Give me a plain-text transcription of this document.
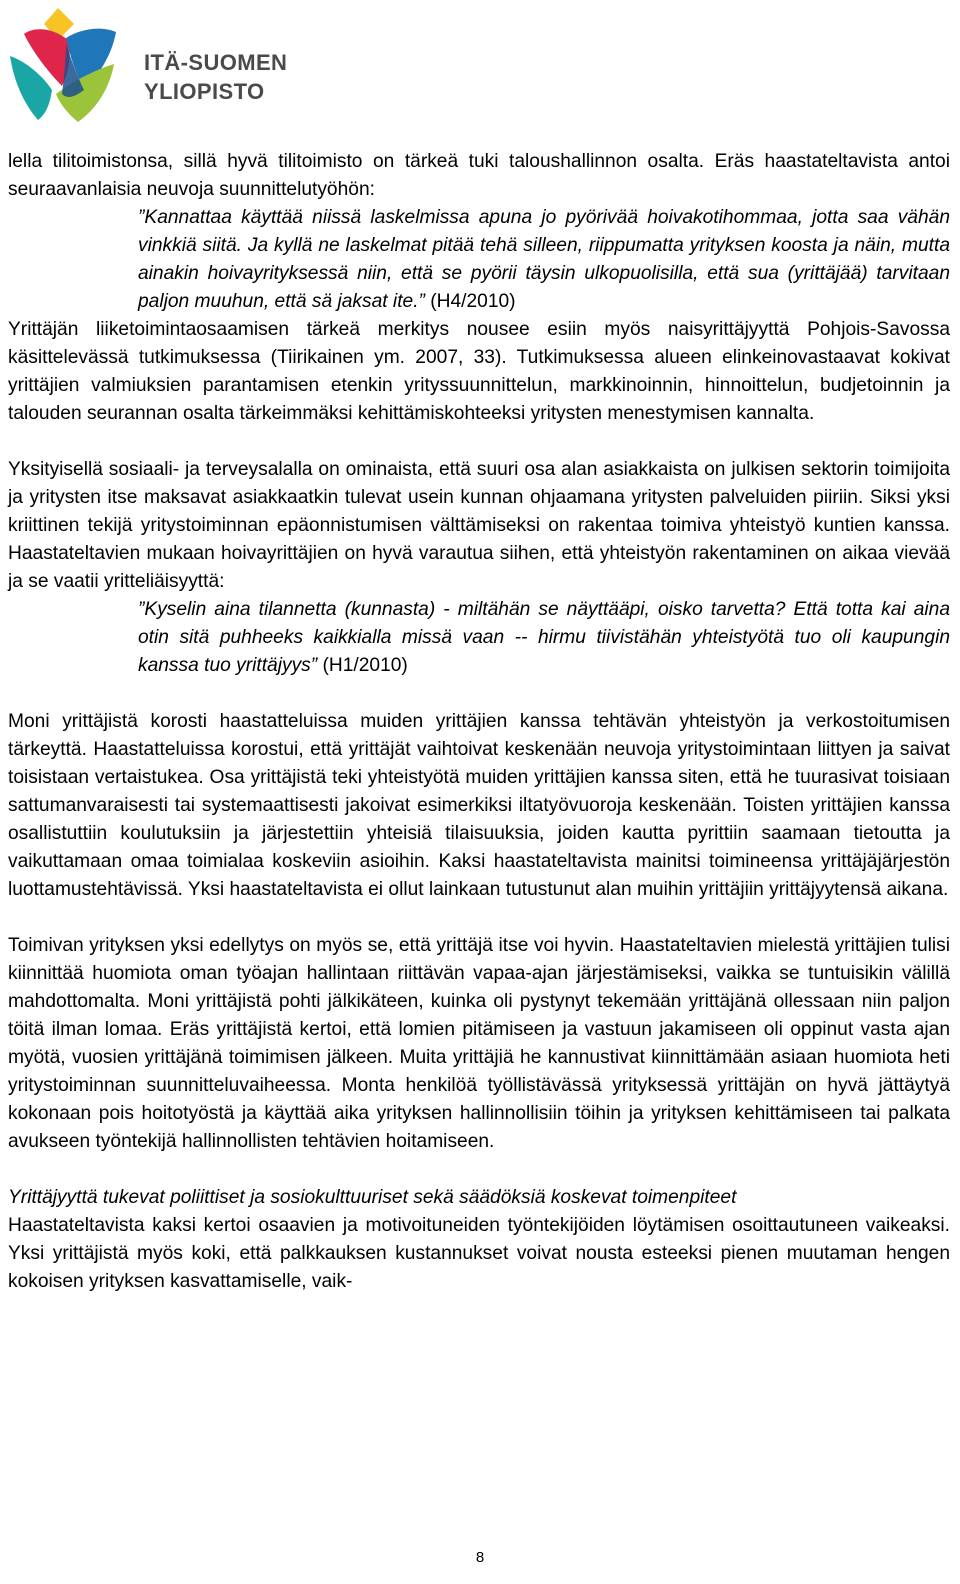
ITÄ-SUOMEN
YLIOPISTO

lella tilitoimistonsa, sillä hyvä tilitoimisto on tärkeä tuki taloushallinnon osalta. Eräs haastateltavista antoi seuraavanlaisia neuvoja suunnittelutyöhön:

”Kannattaa käyttää niissä laskelmissa apuna jo pyörivää hoivakotihommaa, jotta saa vähän vinkkiä siitä. Ja kyllä ne laskelmat pitää tehä silleen, riippumatta yrityksen koosta ja näin, mutta ainakin hoivayrityksessä niin, että se pyörii täysin ulkopuolisilla, että sua (yrittäjää) tarvitaan paljon muuhun, että sä jaksat ite.” (H4/2010)

Yrittäjän liiketoimintaosaamisen tärkeä merkitys nousee esiin myös naisyrittäjyyttä Pohjois-Savossa käsittelevässä tutkimuksessa (Tiirikainen ym. 2007, 33). Tutkimuksessa alueen elinkeinovastaavat kokivat yrittäjien valmiuksien parantamisen etenkin yrityssuunnittelun, markkinoinnin, hinnoittelun, budjetoinnin ja talouden seurannan osalta tärkeimmäksi kehittämiskohteeksi yritysten menestymisen kannalta.

Yksityisellä sosiaali- ja terveysalalla on ominaista, että suuri osa alan asiakkaista on julkisen sektorin toimijoita ja yritysten itse maksavat asiakkaatkin tulevat usein kunnan ohjaamana yritysten palveluiden piiriin. Siksi yksi kriittinen tekijä yritystoiminnan epäonnistumisen välttämiseksi on rakentaa toimiva yhteistyö kuntien kanssa. Haastateltavien mukaan hoivayrittäjien on hyvä varautua siihen, että yhteistyön rakentaminen on aikaa vievää ja se vaatii yritteliäisyyttä:

”Kyselin aina tilannetta (kunnasta) - miltähän se näyttääpi, oisko tarvetta? Että totta kai aina otin sitä puhheeks kaikkialla missä vaan -- hirmu tiivistähän yhteistyötä tuo oli kaupungin kanssa tuo yrittäjyys” (H1/2010)

Moni yrittäjistä korosti haastatteluissa muiden yrittäjien kanssa tehtävän yhteistyön ja verkostoitumisen tärkeyttä. Haastatteluissa korostui, että yrittäjät vaihtoivat keskenään neuvoja yritystoimintaan liittyen ja saivat toisistaan vertaistukea. Osa yrittäjistä teki yhteistyötä muiden yrittäjien kanssa siten, että he tuurasivat toisiaan sattumanvaraisesti tai systemaattisesti jakoivat esimerkiksi iltatyövuoroja keskenään. Toisten yrittäjien kanssa osallistuttiin koulutuksiin ja järjestettiin yhteisiä tilaisuuksia, joiden kautta pyrittiin saamaan tietoutta ja vaikuttamaan omaa toimialaa koskeviin asioihin. Kaksi haastateltavista mainitsi toimineensa yrittäjäjärjestön luottamustehtävissä. Yksi haastateltavista ei ollut lainkaan tutustunut alan muihin yrittäjiin yrittäjyytensä aikana.

Toimivan yrityksen yksi edellytys on myös se, että yrittäjä itse voi hyvin. Haastateltavien mielestä yrittäjien tulisi kiinnittää huomiota oman työajan hallintaan riittävän vapaa-ajan järjestämiseksi, vaikka se tuntuisikin välillä mahdottomalta. Moni yrittäjistä pohti jälkikäteen, kuinka oli pystynyt tekemään yrittäjänä ollessaan niin paljon töitä ilman lomaa. Eräs yrittäjistä kertoi, että lomien pitämiseen ja vastuun jakamiseen oli oppinut vasta ajan myötä, vuosien yrittäjänä toimimisen jälkeen. Muita yrittäjiä he kannustivat kiinnittämään asiaan huomiota heti yritystoiminnan suunnitteluvaiheessa. Monta henkilöä työllistävässä yrityksessä yrittäjän on hyvä jättäytyä kokonaan pois hoitotyöstä ja käyttää aika yrityksen hallinnollisiin töihin ja yrityksen kehittämiseen tai palkata avukseen työntekijä hallinnollisten tehtävien hoitamiseen.

Yrittäjyyttä tukevat poliittiset ja sosiokulttuuriset sekä säädöksiä koskevat toimenpiteet

Haastateltavista kaksi kertoi osaavien ja motivoituneiden työntekijöiden löytämisen osoittautuneen vaikeaksi. Yksi yrittäjistä myös koki, että palkkauksen kustannukset voivat nousta esteeksi pienen muutaman hengen kokoisen yrityksen kasvattamiselle, vaik-

8
